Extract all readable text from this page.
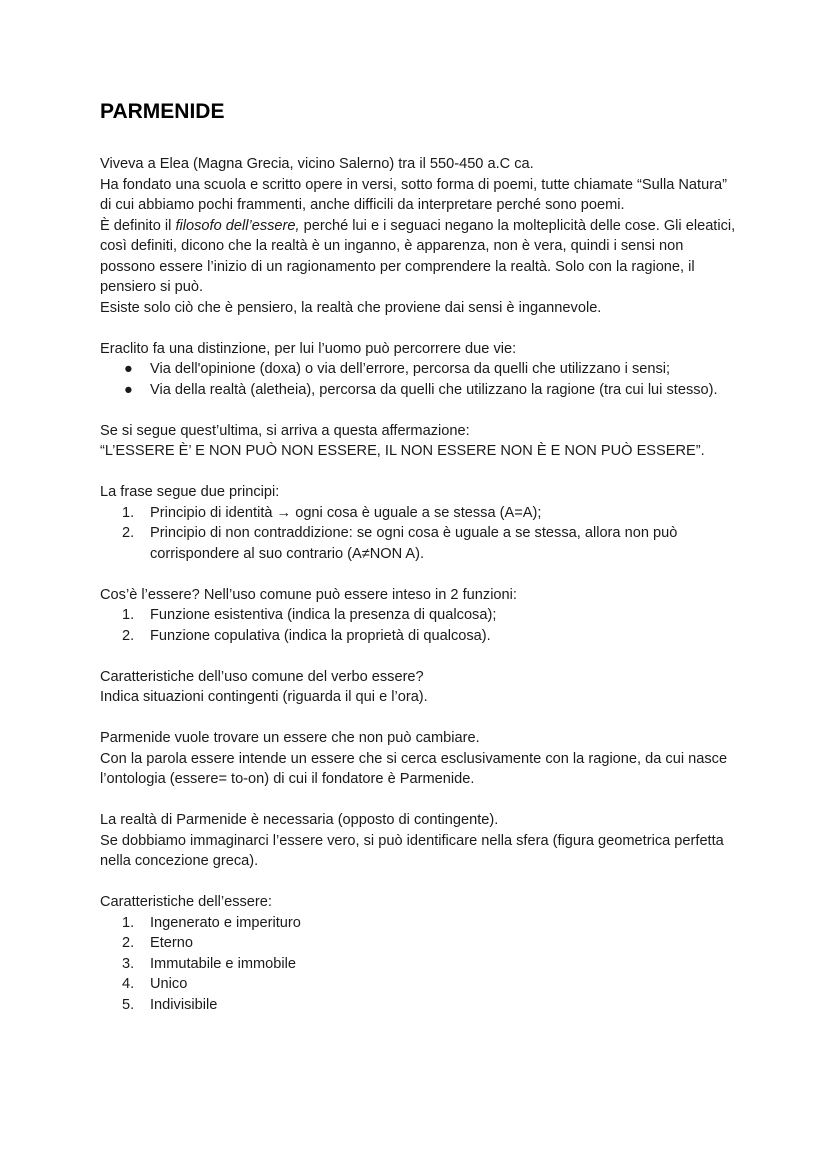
PARMENIDE

Viveva a Elea (Magna Grecia, vicino Salerno) tra il 550-450 a.C ca.

Ha fondato una scuola e scritto opere in versi, sotto forma di poemi, tutte chiamate “Sulla Natura” di cui abbiamo pochi frammenti, anche difficili da interpretare perché sono poemi.

È definito il filosofo dell’essere, perché lui e i seguaci negano la molteplicità delle cose. Gli eleatici, così definiti, dicono che la realtà è un inganno, è apparenza, non è vera, quindi i sensi non possono essere l’inizio di un ragionamento per comprendere la realtà. Solo con la ragione, il pensiero si può.

Esiste solo ciò che è pensiero, la realtà che proviene dai sensi è ingannevole.

Eraclito fa una distinzione, per lui l’uomo può percorrere due vie:

● Via dell'opinione (doxa) o via dell’errore, percorsa da quelli che utilizzano i sensi;
● Via della realtà (aletheia), percorsa da quelli che utilizzano la ragione (tra cui lui stesso).

Se si segue quest’ultima, si arriva a questa affermazione:

“L’ESSERE È’ E NON PUÒ NON ESSERE, IL NON ESSERE NON È E NON PUÒ ESSERE”.

La frase segue due principi:

1. Principio di identità → ogni cosa è uguale a se stessa (A=A);
2. Principio di non contraddizione: se ogni cosa è uguale a se stessa, allora non può corrispondere al suo contrario (A≠NON A).

Cos’è l’essere? Nell’uso comune può essere inteso in 2 funzioni:

1. Funzione esistentiva (indica la presenza di qualcosa);
2. Funzione copulativa (indica la proprietà di qualcosa).

Caratteristiche dell’uso comune del verbo essere?

Indica situazioni contingenti (riguarda il qui e l’ora).

Parmenide vuole trovare un essere che non può cambiare.

Con la parola essere intende un essere che si cerca esclusivamente con la ragione, da cui nasce l’ontologia (essere= to-on) di cui il fondatore è Parmenide.

La realtà di Parmenide è necessaria (opposto di contingente).

Se dobbiamo immaginarci l’essere vero, si può identificare nella sfera (figura geometrica perfetta nella concezione greca).

Caratteristiche dell’essere:

1. Ingenerato e imperituro
2. Eterno
3. Immutabile e immobile
4. Unico
5. Indivisibile
